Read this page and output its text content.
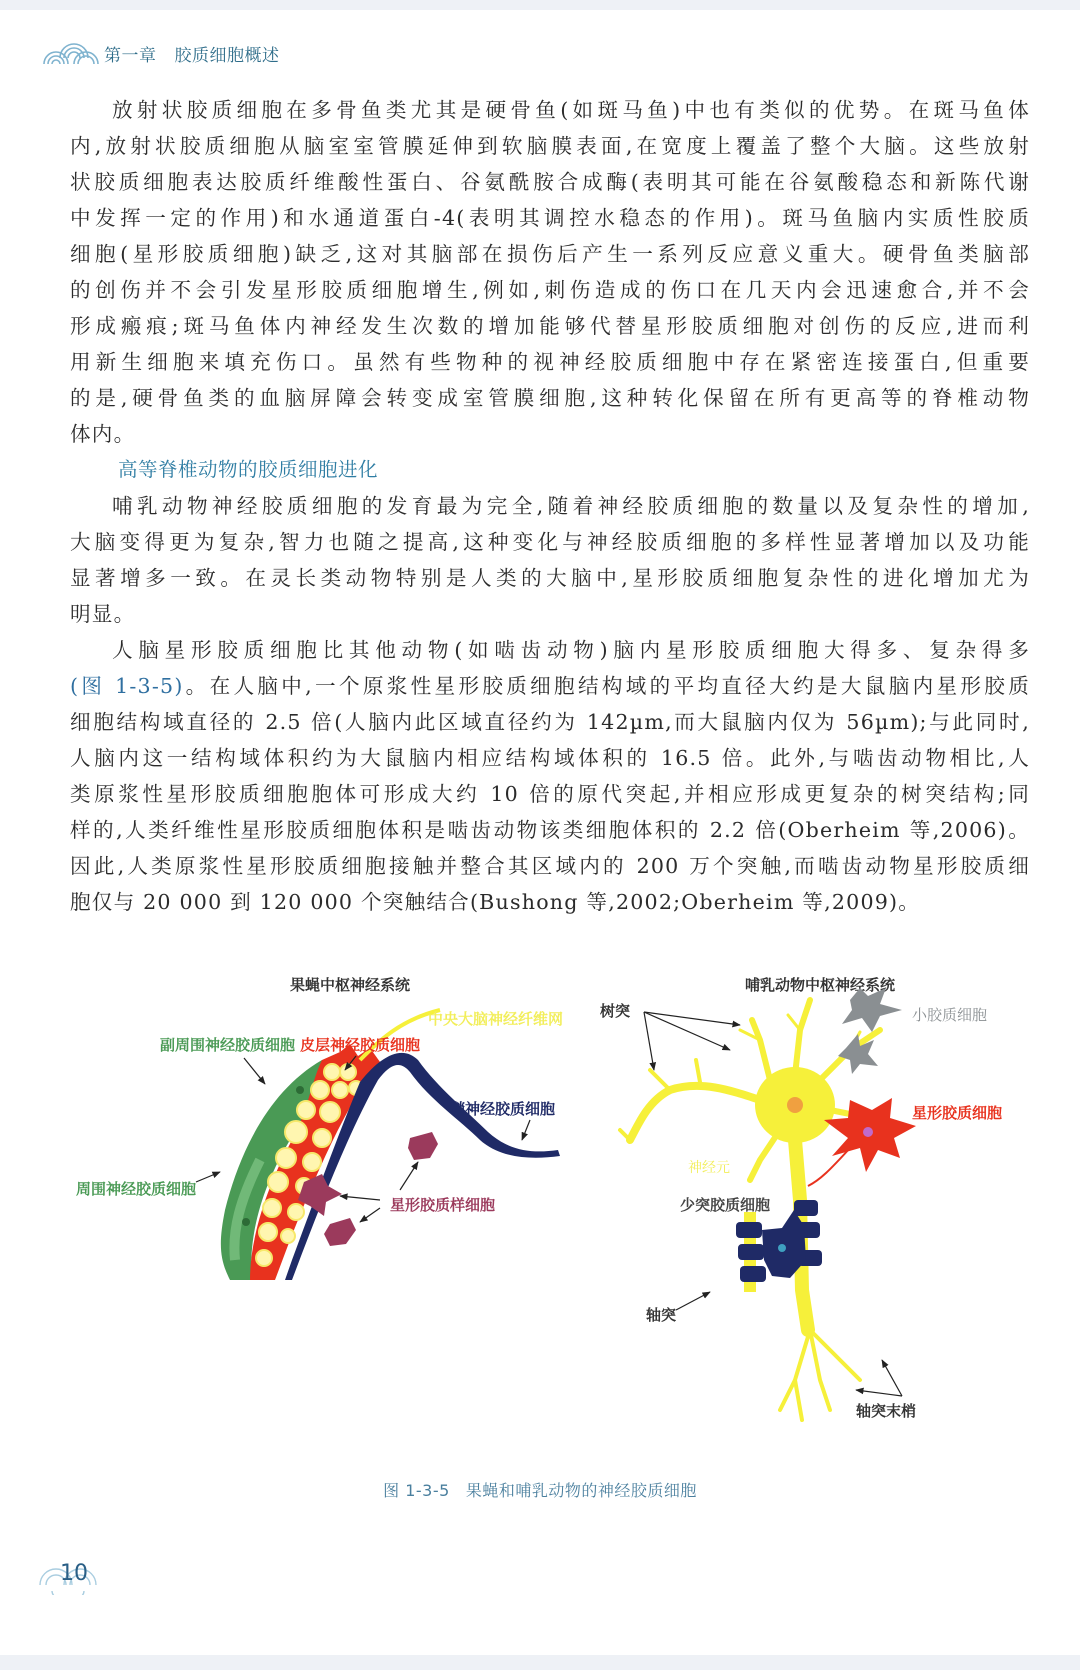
第一章 胶质细胞概述

放射状胶质细胞在多骨鱼类尤其是硬骨鱼(如斑马鱼)中也有类似的优势。在斑马鱼体
内,放射状胶质细胞从脑室室管膜延伸到软脑膜表面,在宽度上覆盖了整个大脑。这些放射
状胶质细胞表达胶质纤维酸性蛋白、谷氨酰胺合成酶(表明其可能在谷氨酸稳态和新陈代谢
中发挥一定的作用)和水通道蛋白-4(表明其调控水稳态的作用)。斑马鱼脑内实质性胶质
细胞(星形胶质细胞)缺乏,这对其脑部在损伤后产生一系列反应意义重大。硬骨鱼类脑部
的创伤并不会引发星形胶质细胞增生,例如,刺伤造成的伤口在几天内会迅速愈合,并不会
形成瘢痕;斑马鱼体内神经发生次数的增加能够代替星形胶质细胞对创伤的反应,进而利
用新生细胞来填充伤口。虽然有些物种的视神经胶质细胞中存在紧密连接蛋白,但重要
的是,硬骨鱼类的血脑屏障会转变成室管膜细胞,这种转化保留在所有更高等的脊椎动物
体内。

高等脊椎动物的胶质细胞进化

哺乳动物神经胶质细胞的发育最为完全,随着神经胶质细胞的数量以及复杂性的增加,
大脑变得更为复杂,智力也随之提高,这种变化与神经胶质细胞的多样性显著增加以及功能
显著增多一致。在灵长类动物特别是人类的大脑中,星形胶质细胞复杂性的进化增加尤为
明显。

人脑星形胶质细胞比其他动物(如啮齿动物)脑内星形胶质细胞大得多、复杂得多
(图 1-3-5)。在人脑中,一个原浆性星形胶质细胞结构域的平均直径大约是大鼠脑内星形胶质
细胞结构域直径的 2.5 倍(人脑内此区域直径约为 142µm,而大鼠脑内仅为 56µm);与此同时,
人脑内这一结构域体积约为大鼠脑内相应结构域体积的 16.5 倍。此外,与啮齿动物相比,人
类原浆性星形胶质细胞胞体可形成大约 10 倍的原代突起,并相应形成更复杂的树突结构;同
样的,人类纤维性星形胶质细胞体积是啮齿动物该类细胞体积的 2.2 倍(Oberheim 等,2006)。
因此,人类原浆性星形胶质细胞接触并整合其区域内的 200 万个突触,而啮齿动物星形胶质细
胞仅与 20 000 到 120 000 个突触结合(Bushong 等,2002;Oberheim 等,2009)。

果蝇中枢神经系统
皮层神经胶质细胞
中央大脑神经纤维网
副周围神经胶质细胞
鞘神经胶质细胞
周围神经胶质细胞
星形胶质样细胞
哺乳动物中枢神经系统
树突	小胶质细胞
星形胶质细胞
神经元
少突胶质细胞
轴突
轴突末梢
图 1-3-5 果蝇和哺乳动物的神经胶质细胞
10
